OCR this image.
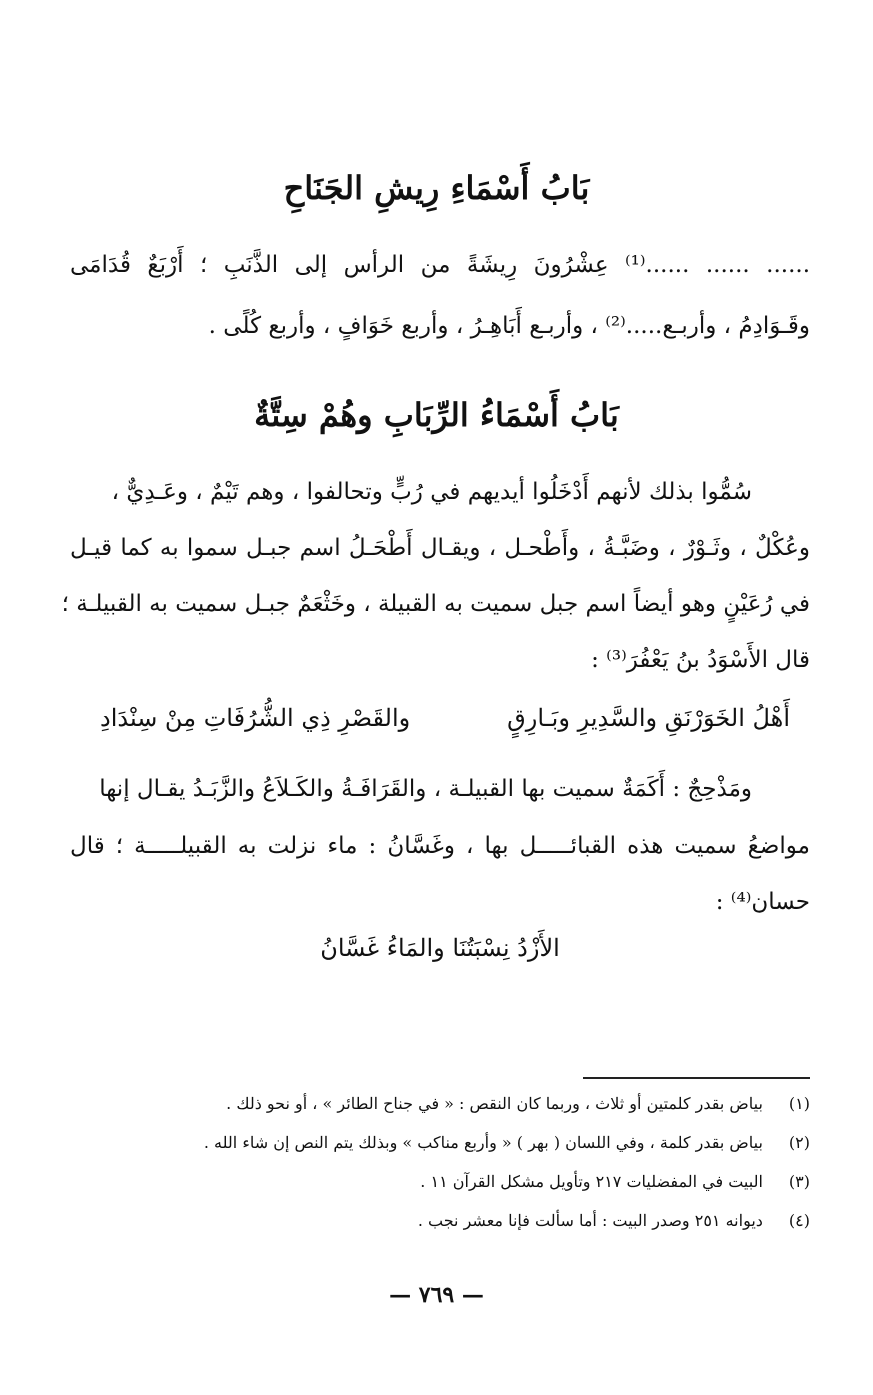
بَابُ أَسْمَاءِ رِيشِ الجَنَاحِ
...... ...... ......⁽¹⁾ عِشْرُونَ رِيشَةً من الرأس إلى الذَّنَبِ ؛ أَرْبَعٌ قُدَامَى
وقَـوَادِمُ ، وأربـع.....⁽²⁾ ، وأربـع أَبَاهِـرُ ، وأربع خَوَافٍ ، وأربع كُلًى .
بَابُ أَسْمَاءُ الرِّبَابِ وهُمْ سِتَّةٌ
سُمُّوا بذلك لأنهم أَدْخَلُوا أيديهم في رُبٍّ وتحالفوا ، وهم تَيْمٌ ، وعَـدِيٌّ ،
وعُكْلٌ ، وثَـوْرٌ ، وضَبَّـةُ ، وأَطْحـل ، ويقـال أَطْحَـلُ اسم جبـل سموا به كما قيـل
في رُعَيْنٍ وهو أيضاً اسم جبل سميت به القبيلة ، وخَثْعَمٌ جبـل سميت به القبيلـة ؛
قال الأَسْوَدُ بنُ يَعْفُرَ⁽³⁾ :
أَهْلُ الخَوَرْنَقِ والسَّدِيرِ وبَـارِقٍ
والقَصْرِ ذِي الشُّرُفَاتِ مِنْ سِنْدَادِ
ومَذْحِجٌ : أَكَمَةٌ سميت بها القبيلـة ، والقَرَافَـةُ والكَـلاَعُ والزَّبَـدُ يقـال إنها
مواضعُ سميت هذه القبائـــــل بها ، وغَسَّانُ : ماء نزلت به القبيلـــــة ؛ قال
حسان⁽⁴⁾ :
الأَزْدُ نِسْبَتُنَا والمَاءُ غَسَّانُ
(١) بياض بقدر كلمتين أو ثلاث ، وربما كان النقص : « في جناح الطائر » ، أو نحو ذلك .
(٢) بياض بقدر كلمة ، وفي اللسان ( بهر ) « وأربع مناكب » وبذلك يتم النص إن شاء الله .
(٣) البيت في المفضليات ٢١٧ وتأويل مشكل القرآن ١١ .
(٤) ديوانه ٢٥١ وصدر البيت : أما سألت فإنا معشر نجب .
— ٧٦٩ —
